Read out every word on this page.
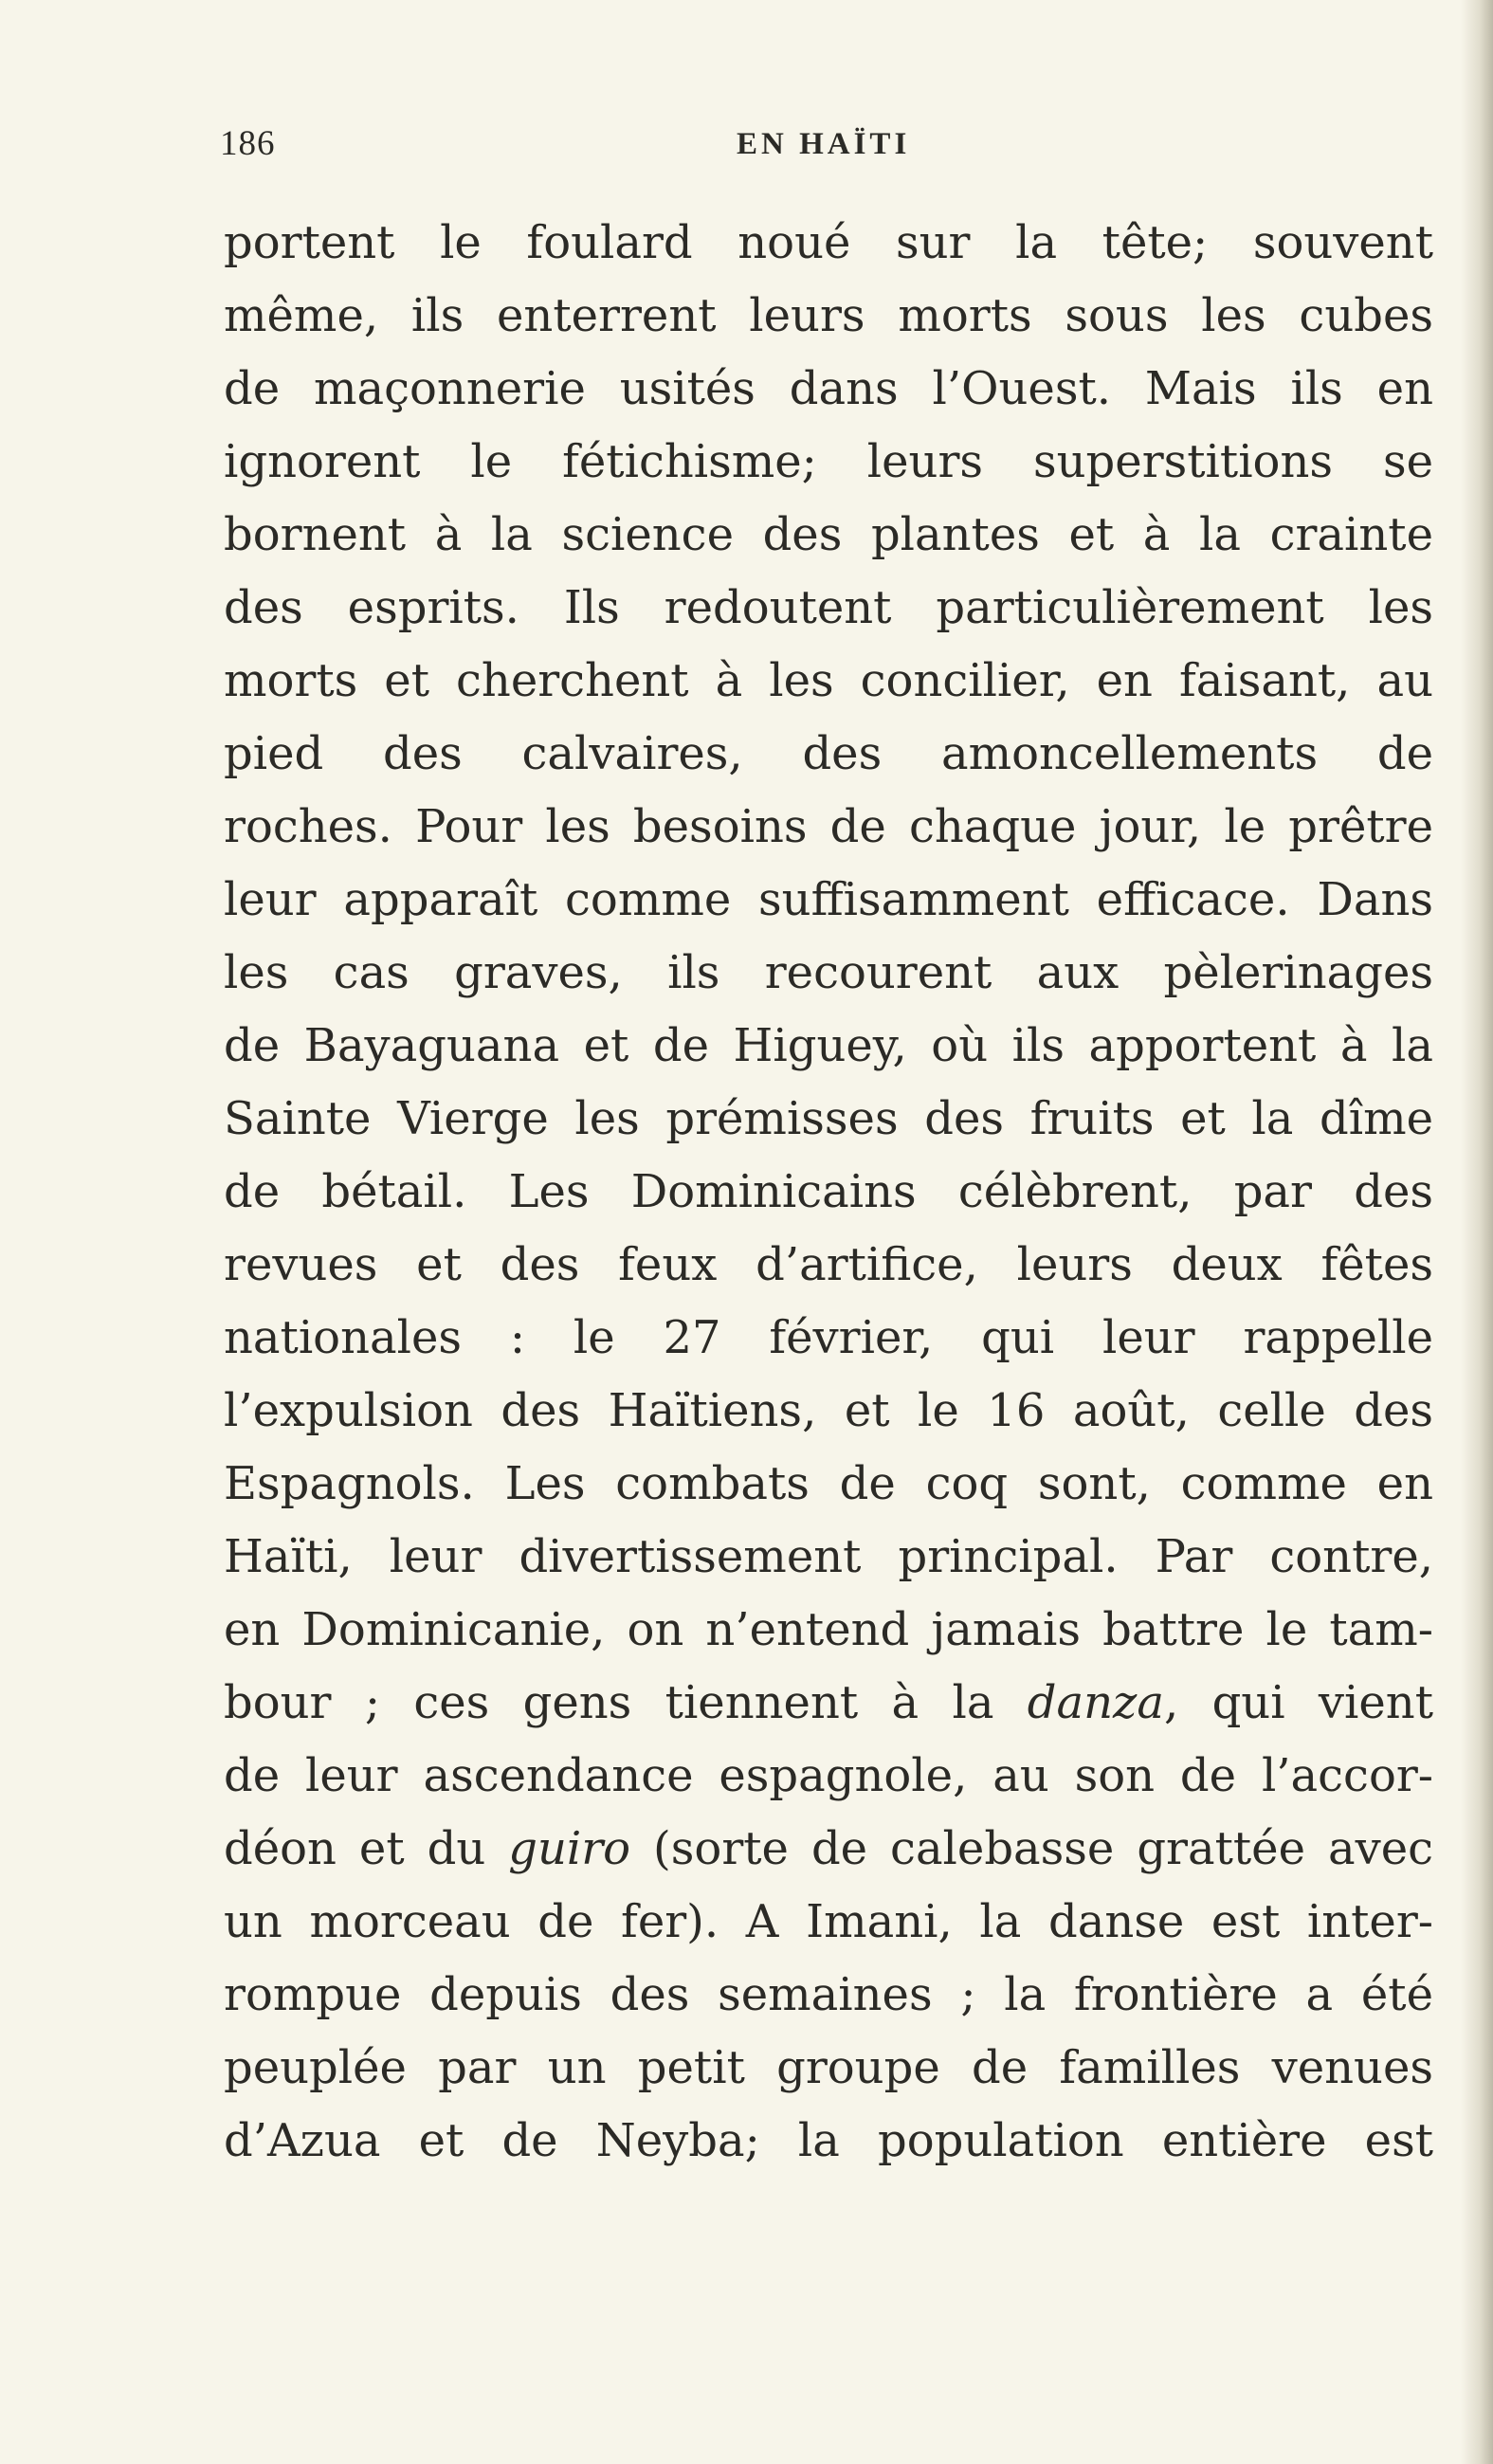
186	EN HAÏTI
portent le foulard noué sur la tête; souvent
même, ils enterrent leurs morts sous les cubes
de maçonnerie usités dans l’Ouest. Mais ils en
ignorent le fétichisme; leurs superstitions se
bornent à la science des plantes et à la crainte
des esprits. Ils redoutent particulièrement les
morts et cherchent à les concilier, en faisant, au
pied des calvaires, des amoncellements de
roches. Pour les besoins de chaque jour, le prêtre
leur apparaît comme suffisamment efficace. Dans
les cas graves, ils recourent aux pèlerinages
de Bayaguana et de Higuey, où ils apportent à la
Sainte Vierge les prémisses des fruits et la dîme
de bétail. Les Dominicains célèbrent, par des
revues et des feux d’artifice, leurs deux fêtes
nationales : le 27 février, qui leur rappelle
l’expulsion des Haïtiens, et le 16 août, celle des
Espagnols. Les combats de coq sont, comme en
Haïti, leur divertissement principal. Par contre,
en Dominicanie, on n’entend jamais battre le tam-
bour ; ces gens tiennent à la danza, qui vient
de leur ascendance espagnole, au son de l’accor-
déon et du guiro (sorte de calebasse grattée avec
un morceau de fer). A Imani, la danse est inter-
rompue depuis des semaines ; la frontière a été
peuplée par un petit groupe de familles venues
d’Azua et de Neyba; la population entière est
